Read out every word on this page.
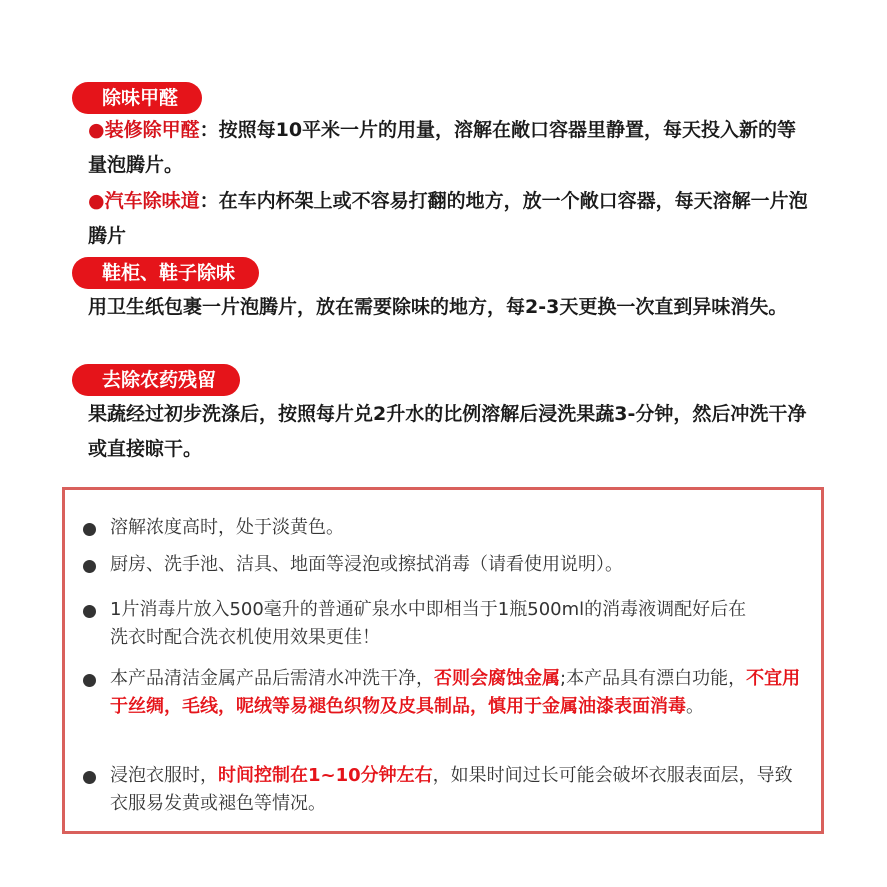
除味甲醛

●装修除甲醛：按照每10平米一片的用量，溶解在敞口容器里静置，每天投入新的等量泡腾片。

●汽车除味道：在车内杯架上或不容易打翻的地方，放一个敞口容器，每天溶解一片泡腾片

鞋柜、鞋子除味

用卫生纸包裹一片泡腾片，放在需要除味的地方，每2-3天更换一次直到异味消失。

去除农药残留

果蔬经过初步洗涤后，按照每片兑2升水的比例溶解后浸洗果蔬3-分钟，然后冲洗干净或直接晾干。

溶解浓度高时，处于淡黄色。

厨房、洗手池、洁具、地面等浸泡或擦拭消毒（请看使用说明）。

1片消毒片放入500毫升的普通矿泉水中即相当于1瓶500ml的消毒液调配好后在洗衣时配合洗衣机使用效果更佳！

本产品清洁金属产品后需清水冲洗干净，否则会腐蚀金属;本产品具有漂白功能，不宜用于丝绸，毛线，呢绒等易褪色织物及皮具制品，慎用于金属油漆表面消毒。

浸泡衣服时，时间控制在1~10分钟左右，如果时间过长可能会破坏衣服表面层，导致衣服易发黄或褪色等情况。
